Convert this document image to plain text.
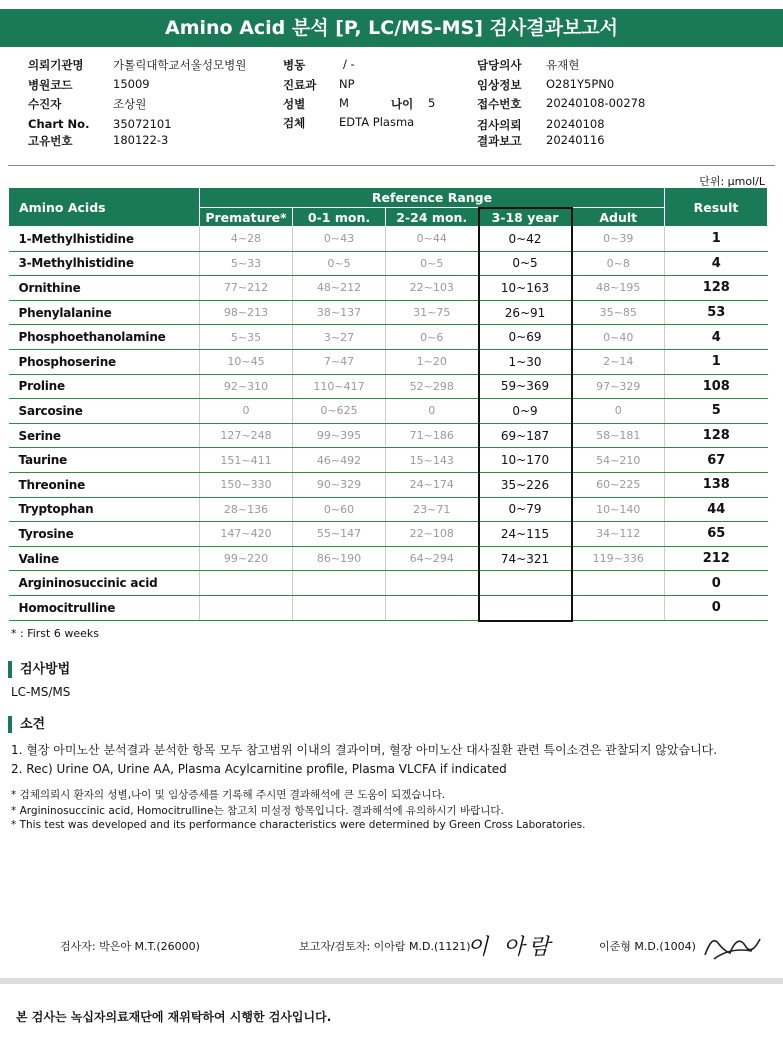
Amino Acid 분석 [P, LC/MS-MS] 검사결과보고서
의뢰기관명	가톨릭대학교서울성모병원
병원코드	15009
수진자	조상원
Chart No. 35072101
고유번호	180122-3
병동	/ -
진료과 NP
성별	M	나이 5
검체	EDTA Plasma
담당의사 유재현
임상정보 O281Y5PN0
접수번호 20240108-00278
검사의뢰 20240108
결과보고 20240116
단위: μmol/L
Amino Acids	Reference Range					Result
	Premature*	0-1 mon.	2-24 mon.	3-18 year	Adult	
1-Methylhistidine	4~28	0~43	0~44	0~42	0~39	1
3-Methylhistidine	5~33	0~5	0~5	0~5	0~8	4
Ornithine	77~212	48~212	22~103	10~163	48~195	128
Phenylalanine	98~213	38~137	31~75	26~91	35~85	53
Phosphoethanolamine	5~35	3~27	0~6	0~69	0~40	4
Phosphoserine	10~45	7~47	1~20	1~30	2~14	1
Proline	92~310	110~417	52~298	59~369	97~329	108
Sarcosine	0	0~625	0	0~9	0	5
Serine	127~248	99~395	71~186	69~187	58~181	128
Taurine	151~411	46~492	15~143	10~170	54~210	67
Threonine	150~330	90~329	24~174	35~226	60~225	138
Tryptophan	28~136	0~60	23~71	0~79	10~140	44
Tyrosine	147~420	55~147	22~108	24~115	34~112	65
Valine	99~220	86~190	64~294	74~321	119~336	212
Argininosuccinic acid						0
Homocitrulline						0
* : First 6 weeks
검사방법
LC-MS/MS
소견
1. 혈장 아미노산 분석결과 분석한 항목 모두 참고범위 이내의 결과이며, 혈장 아미노산 대사질환 관련 특이소견은 관찰되지 않았습니다.
2. Rec) Urine OA, Urine AA, Plasma Acylcarnitine profile, Plasma VLCFA if indicated
* 검체의뢰시 환자의 성별,나이 및 임상증세를 기록해 주시면 결과해석에 큰 도움이 되겠습니다.
* Argininosuccinic acid, Homocitrulline는 참고치 미설정 항목입니다. 결과해석에 유의하시기 바랍니다.
* This test was developed and its performance characteristics were determined by Green Cross Laboratories.
검사자: 박은아 M.T.(26000)	보고자/검토자: 이아람 M.D.(1121)
이 아람	이준형 M.D.(1004)
본 검사는 녹십자의료재단에 재위탁하여 시행한 검사입니다.
